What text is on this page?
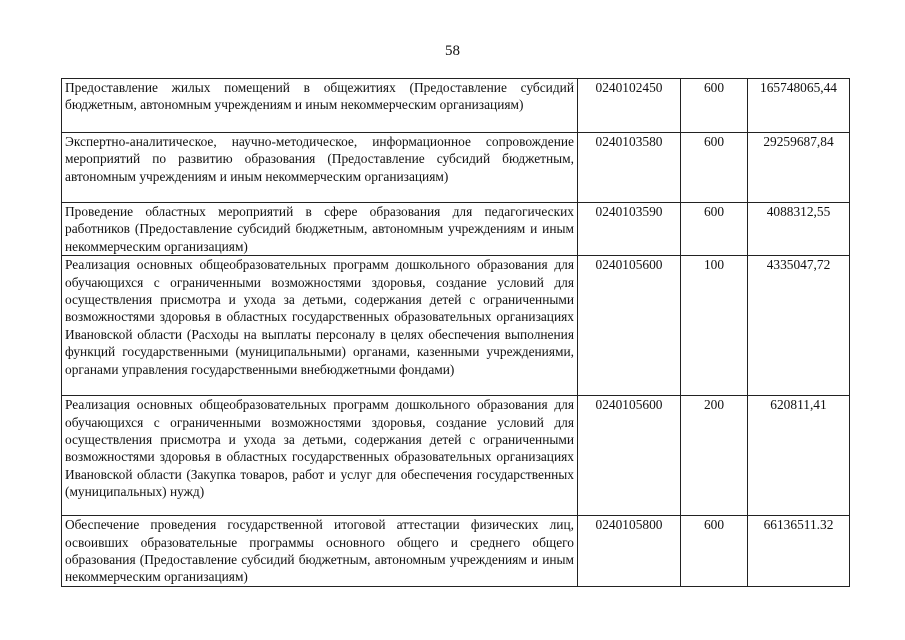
58
Предоставление жилых помещений в общежитиях (Предоставление субсидий бюджетным, автономным учреждениям и иным некоммерческим организациям)	0240102450	600	165748065,44
Экспертно-аналитическое, научно-методическое, информационное сопровождение мероприятий по развитию образования (Предоставление субсидий бюджетным, автономным учреждениям и иным некоммерческим организациям)	0240103580	600	29259687,84
Проведение областных мероприятий в сфере образования для педагогических работников (Предоставление субсидий бюджетным, автономным учреждениям и иным некоммерческим организациям)	0240103590	600	4088312,55
Реализация основных общеобразовательных программ дошкольного образования для обучающихся с ограниченными возможностями здоровья, создание условий для осуществления присмотра и ухода за детьми, содержания детей с ограниченными возможностями здоровья в областных государственных образовательных организациях Ивановской области (Расходы на выплаты персоналу в целях обеспечения выполнения функций государственными (муниципальными) органами, казенными учреждениями, органами управления государственными внебюджетными фондами)	0240105600	100	4335047,72
Реализация основных общеобразовательных программ дошкольного образования для обучающихся с ограниченными возможностями здоровья, создание условий для осуществления присмотра и ухода за детьми, содержания детей с ограниченными возможностями здоровья в областных государственных образовательных организациях Ивановской области (Закупка товаров, работ и услуг для обеспечения государственных (муниципальных) нужд)	0240105600	200	620811,41
Обеспечение проведения государственной итоговой аттестации физических лиц, освоивших образовательные программы основного общего и среднего общего образования (Предоставление субсидий бюджетным, автономным учреждениям и иным некоммерческим организациям)	0240105800	600	66136511.32
